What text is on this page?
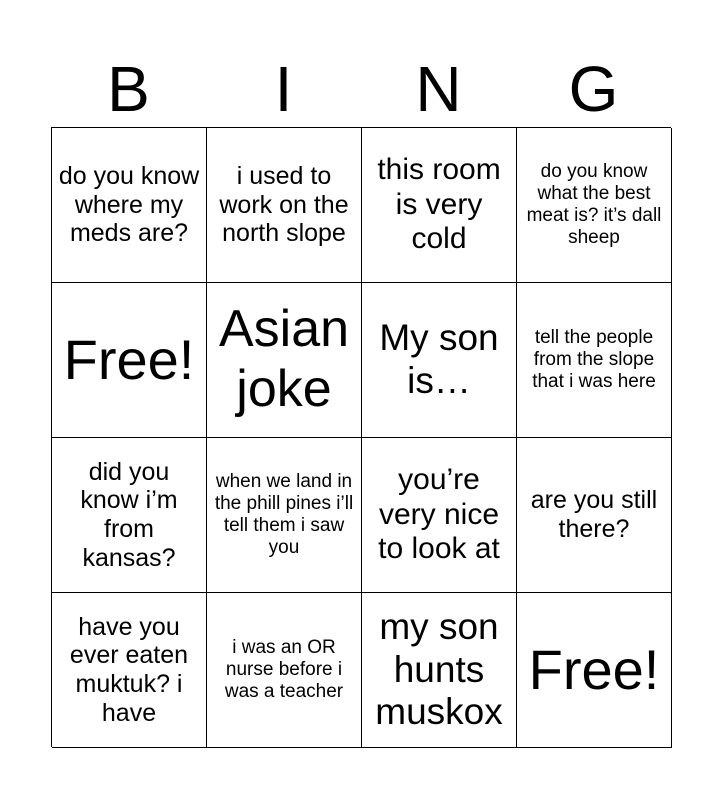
B	I	N	G
do you know where my meds are?
i used to work on the north slope
this room is very cold
do you know what the best meat is? it’s dall sheep
Free! Asian joke
My son is…
tell the people from the slope that i was here
did you know i’m from kansas?
when we land in the phill pines i’ll tell them i saw you
you’re very nice to look at
are you still there?
have you ever eaten muktuk? i have
i was an OR nurse before i was a teacher
my son hunts muskox
Free!
